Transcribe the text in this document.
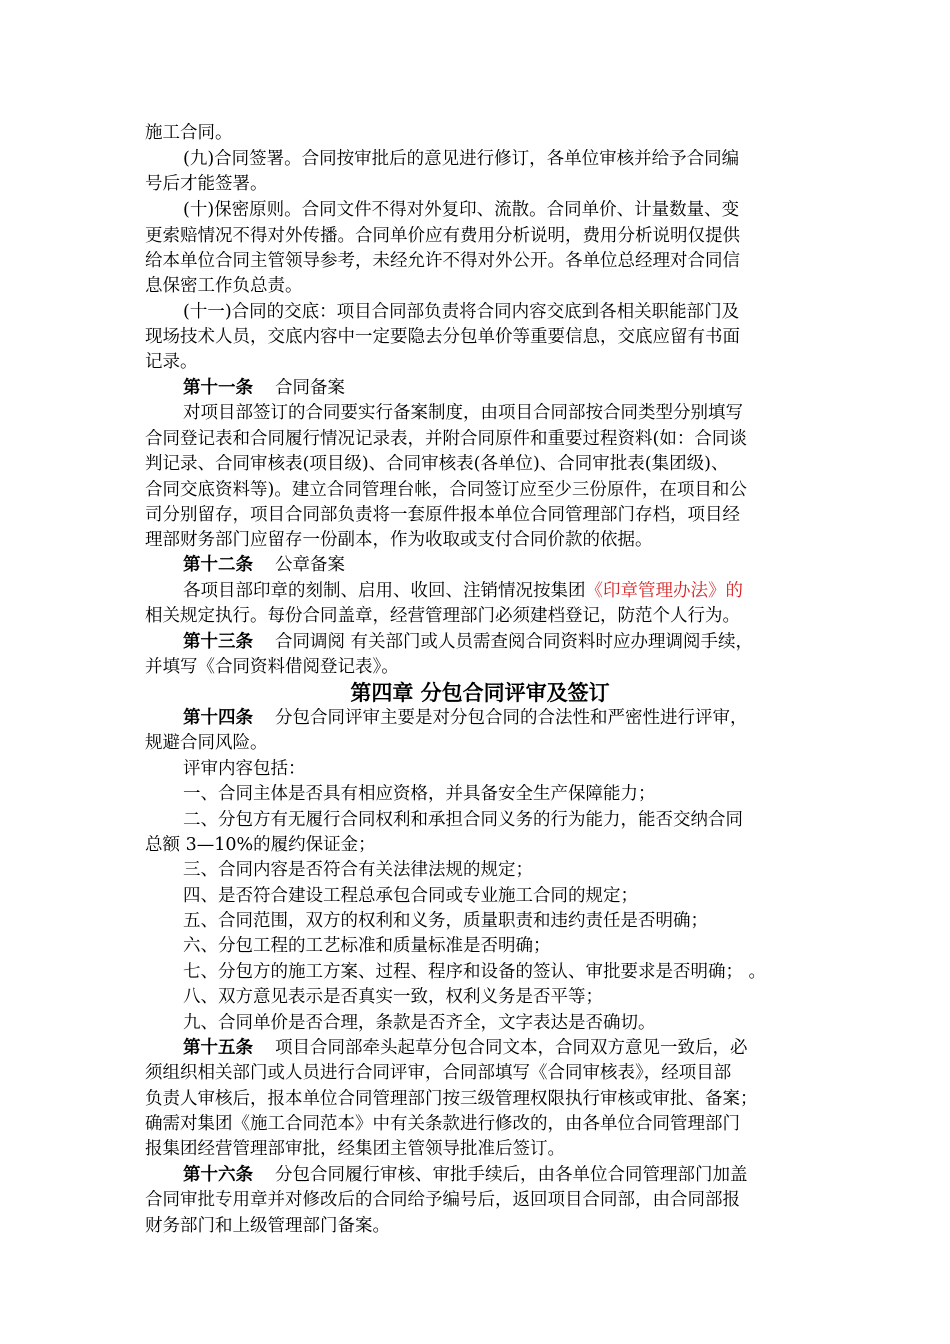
施工合同。
(九)合同签署。合同按审批后的意见进行修订，各单位审核并给予合同编
号后才能签署。
(十)保密原则。合同文件不得对外复印、流散。合同单价、计量数量、变
更索赔情况不得对外传播。合同单价应有费用分析说明，费用分析说明仅提供
给本单位合同主管领导参考，未经允许不得对外公开。各单位总经理对合同信
息保密工作负总责。
(十一)合同的交底：项目合同部负责将合同内容交底到各相关职能部门及
现场技术人员，交底内容中一定要隐去分包单价等重要信息，交底应留有书面
记录。
第十一条 合同备案
对项目部签订的合同要实行备案制度，由项目合同部按合同类型分别填写
合同登记表和合同履行情况记录表，并附合同原件和重要过程资料(如：合同谈
判记录、合同审核表(项目级)、合同审核表(各单位)、合同审批表(集团级)、
合同交底资料等)。建立合同管理台帐，合同签订应至少三份原件，在项目和公
司分别留存，项目合同部负责将一套原件报本单位合同管理部门存档，项目经
理部财务部门应留存一份副本，作为收取或支付合同价款的依据。
第十二条 公章备案
各项目部印章的刻制、启用、收回、注销情况按集团《印章管理办法》的
相关规定执行。每份合同盖章，经营管理部门必须建档登记，防范个人行为。
第十三条 合同调阅 有关部门或人员需查阅合同资料时应办理调阅手续，
并填写《合同资料借阅登记表》。
第四章 分包合同评审及签订
第十四条 分包合同评审主要是对分包合同的合法性和严密性进行评审，
规避合同风险。
评审内容包括：
一、合同主体是否具有相应资格，并具备安全生产保障能力；
二、分包方有无履行合同权利和承担合同义务的行为能力，能否交纳合同
总额 3—10%的履约保证金；
三、合同内容是否符合有关法律法规的规定；
四、是否符合建设工程总承包合同或专业施工合同的规定；
五、合同范围，双方的权利和义务，质量职责和违约责任是否明确；
六、分包工程的工艺标准和质量标准是否明确；
七、分包方的施工方案、过程、程序和设备的签认、审批要求是否明确； 。
八、双方意见表示是否真实一致，权利义务是否平等；
九、合同单价是否合理，条款是否齐全，文字表达是否确切。
第十五条 项目合同部牵头起草分包合同文本，合同双方意见一致后，必
须组织相关部门或人员进行合同评审，合同部填写《合同审核表》，经项目部
负责人审核后，报本单位合同管理部门按三级管理权限执行审核或审批、备案；
确需对集团《施工合同范本》中有关条款进行修改的，由各单位合同管理部门
报集团经营管理部审批，经集团主管领导批准后签订。
第十六条 分包合同履行审核、审批手续后，由各单位合同管理部门加盖
合同审批专用章并对修改后的合同给予编号后，返回项目合同部，由合同部报
财务部门和上级管理部门备案。
